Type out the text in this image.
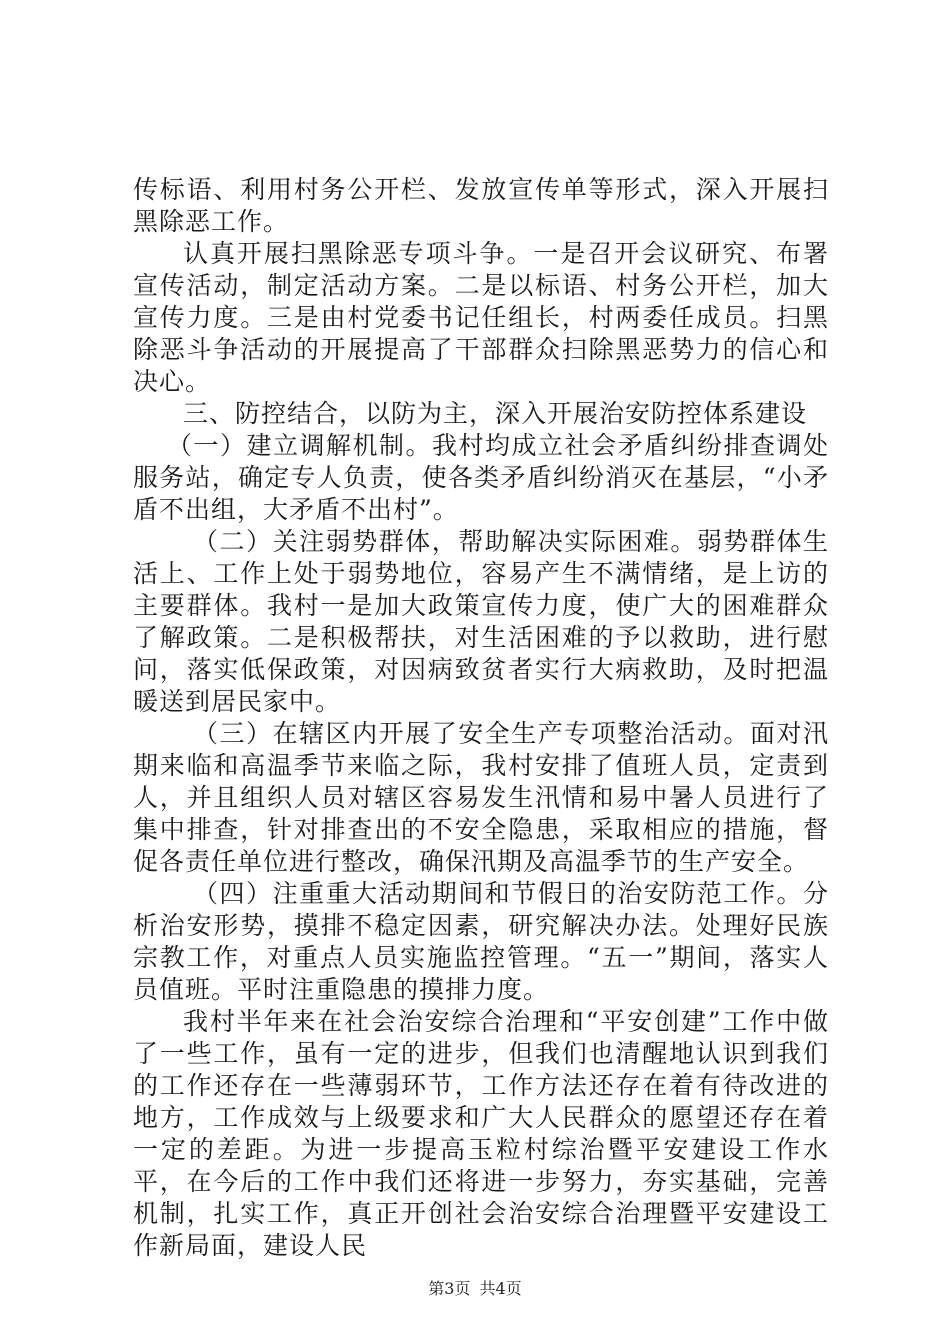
传标语、利用村务公开栏、发放宣传单等形式，深入开展扫黑除恶工作。

认真开展扫黑除恶专项斗争。一是召开会议研究、布署宣传活动，制定活动方案。二是以标语、村务公开栏，加大宣传力度。三是由村党委书记任组长，村两委任成员。扫黑除恶斗争活动的开展提高了干部群众扫除黑恶势力的信心和决心。

三、防控结合，以防为主，深入开展治安防控体系建设

（一）建立调解机制。我村均成立社会矛盾纠纷排查调处服务站，确定专人负责，使各类矛盾纠纷消灭在基层，“小矛盾不出组，大矛盾不出村”。

（二）关注弱势群体，帮助解决实际困难。弱势群体生活上、工作上处于弱势地位，容易产生不满情绪，是上访的主要群体。我村一是加大政策宣传力度，使广大的困难群众了解政策。二是积极帮扶，对生活困难的予以救助，进行慰问，落实低保政策，对因病致贫者实行大病救助，及时把温暖送到居民家中。

（三）在辖区内开展了安全生产专项整治活动。面对汛期来临和高温季节来临之际，我村安排了值班人员，定责到人，并且组织人员对辖区容易发生汛情和易中暑人员进行了集中排查，针对排查出的不安全隐患，采取相应的措施，督促各责任单位进行整改，确保汛期及高温季节的生产安全。

（四）注重重大活动期间和节假日的治安防范工作。分析治安形势，摸排不稳定因素，研究解决办法。处理好民族宗教工作，对重点人员实施监控管理。“五一”期间，落实人员值班。平时注重隐患的摸排力度。

我村半年来在社会治安综合治理和“平安创建”工作中做了一些工作，虽有一定的进步，但我们也清醒地认识到我们的工作还存在一些薄弱环节，工作方法还存在着有待改进的地方，工作成效与上级要求和广大人民群众的愿望还存在着一定的差距。为进一步提高玉粒村综治暨平安建设工作水平，在今后的工作中我们还将进一步努力，夯实基础，完善机制，扎实工作，真正开创社会治安综合治理暨平安建设工作新局面，建设人民

第3页 共4页
